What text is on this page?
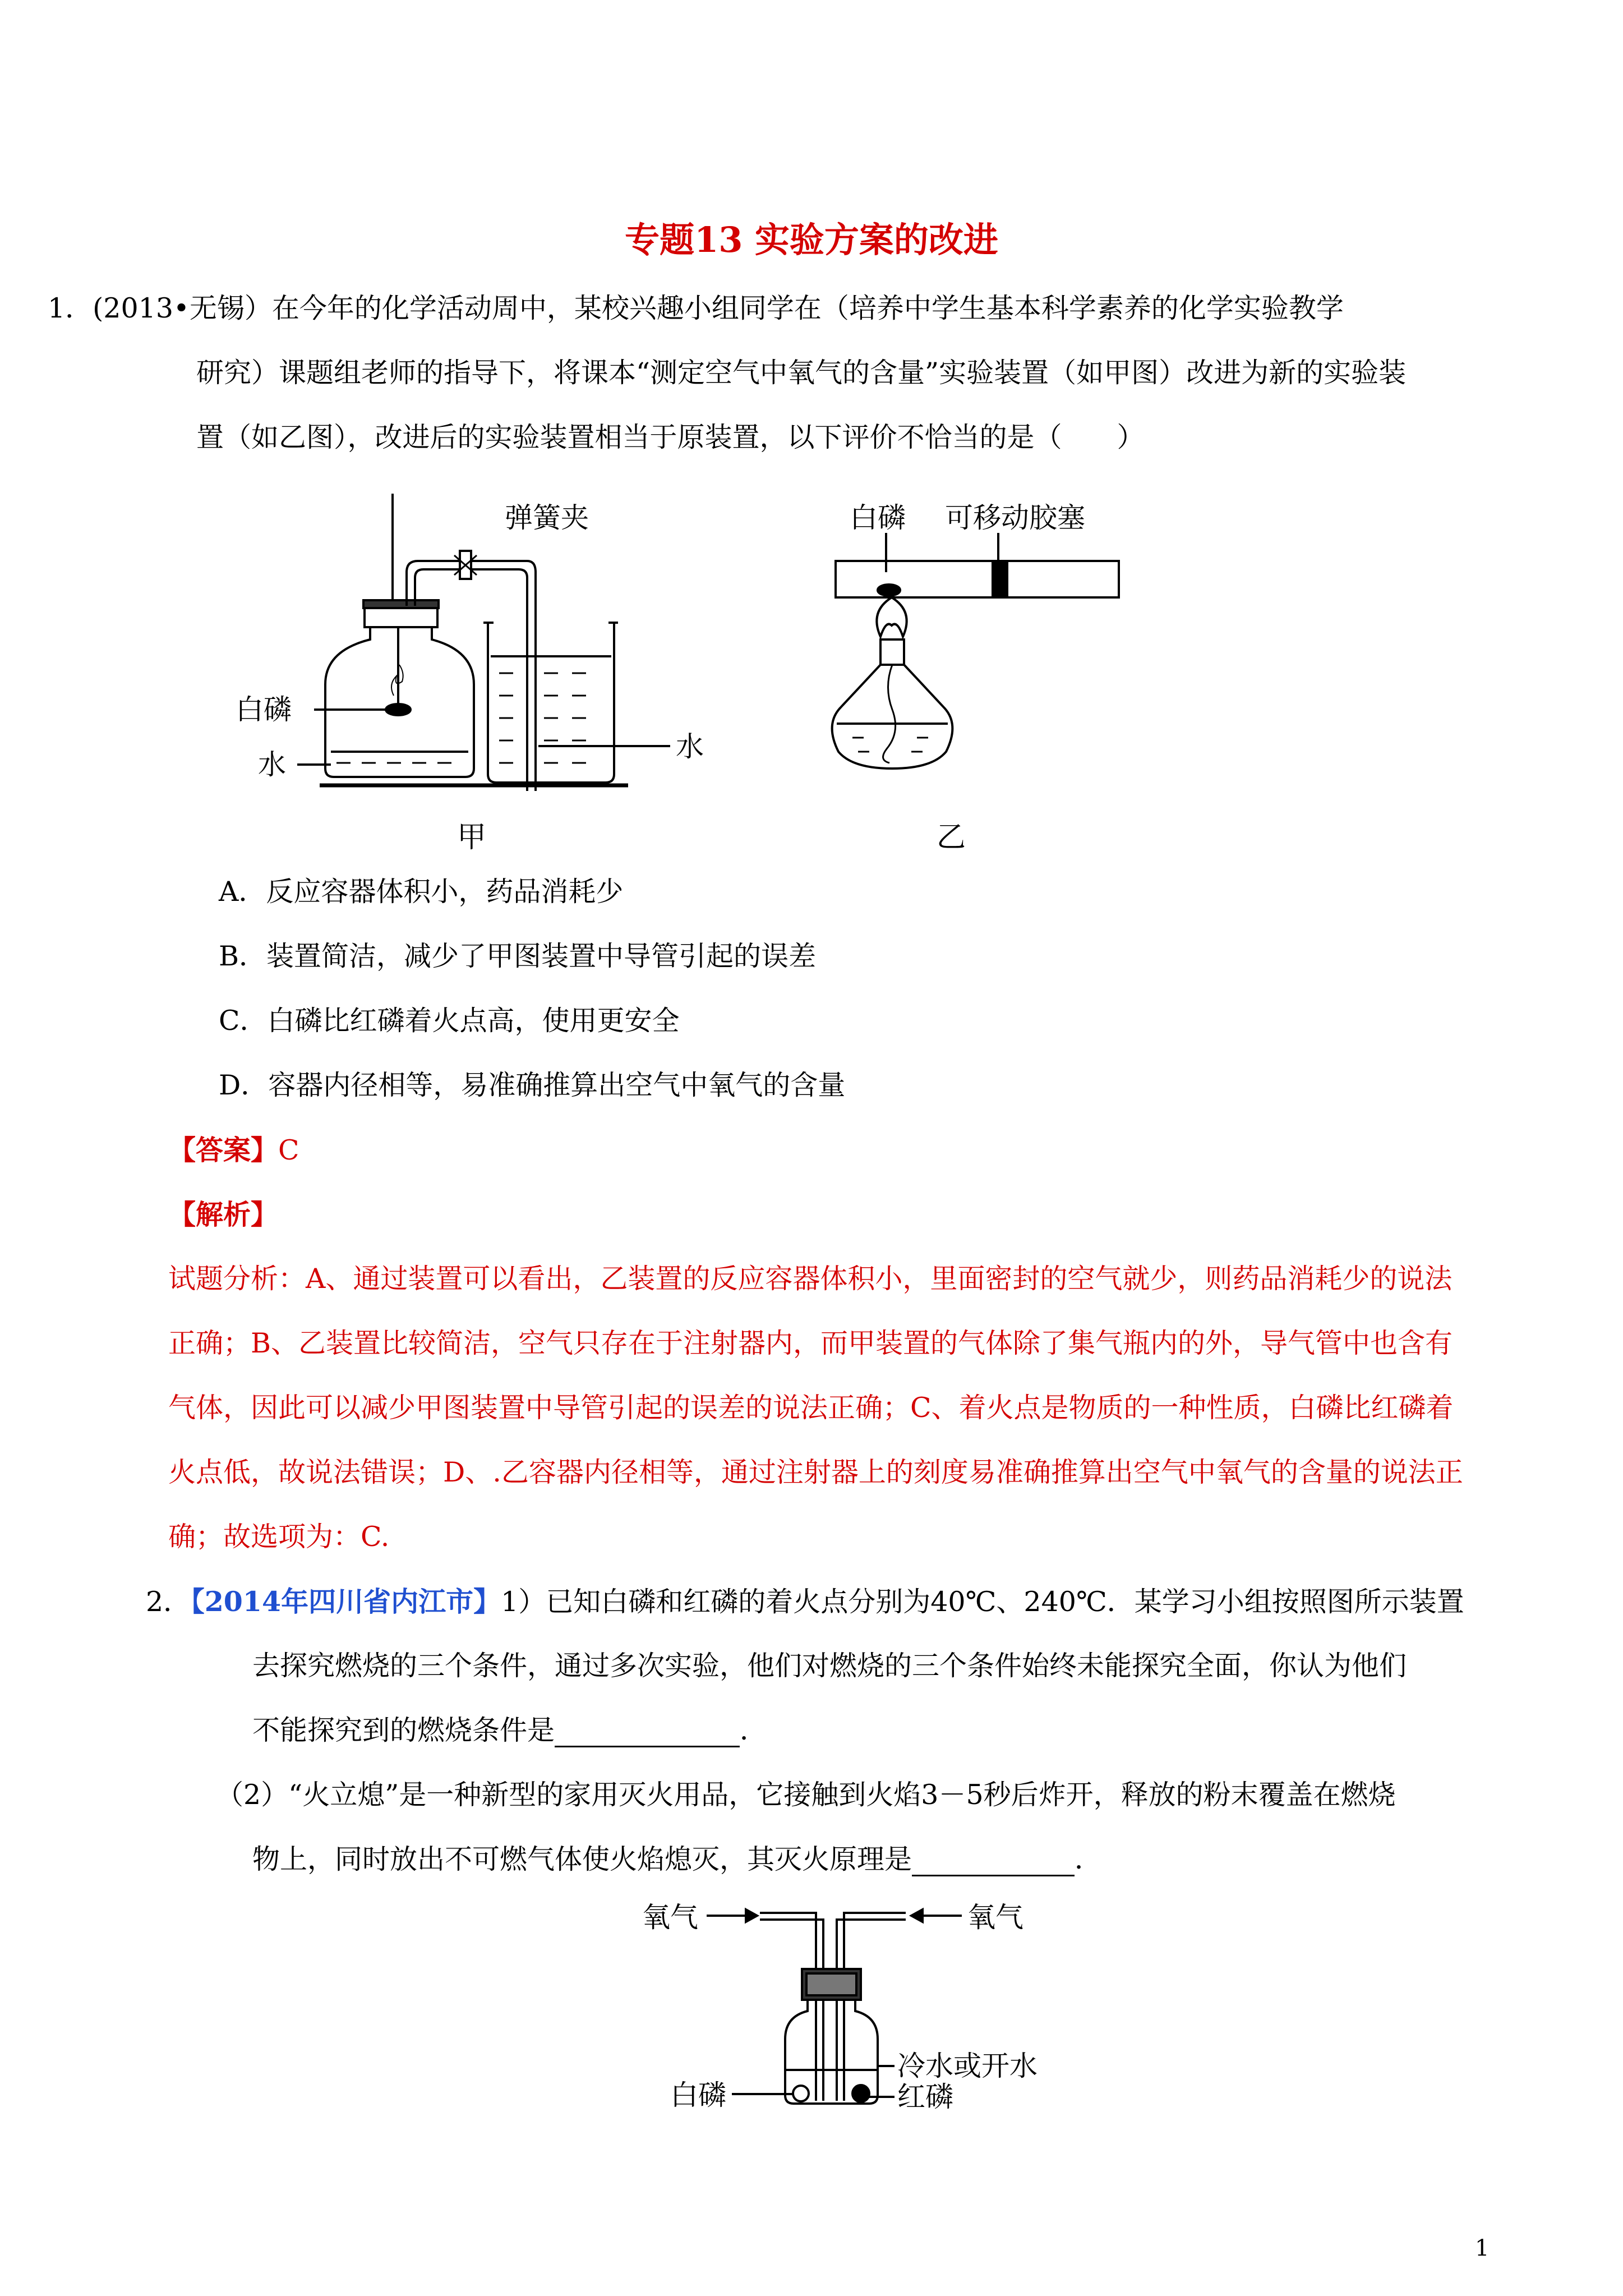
专题13 实验方案的改进
1．(2013•无锡）在今年的化学活动周中，某校兴趣小组同学在（培养中学生基本科学素养的化学实验教学
研究）课题组老师的指导下，将课本“测定空气中氧气的含量”实验装置（如甲图）改进为新的实验装
置（如乙图），改进后的实验装置相当于原装置，以下评价不恰当的是（　　）
弹簧夹
白磷
水
水
甲
白磷 可移动胶塞
乙
A．反应容器体积小，药品消耗少
B．装置简洁，减少了甲图装置中导管引起的误差
C．白磷比红磷着火点高，使用更安全
D．容器内径相等，易准确推算出空气中氧气的含量
【答案】C
【解析】
试题分析：A、通过装置可以看出，乙装置的反应容器体积小，里面密封的空气就少，则药品消耗少的说法
正确；B、乙装置比较简洁，空气只存在于注射器内，而甲装置的气体除了集气瓶内的外，导气管中也含有
气体，因此可以减少甲图装置中导管引起的误差的说法正确；C、着火点是物质的一种性质，白磷比红磷着
火点低，故说法错误；D、.乙容器内径相等，通过注射器上的刻度易准确推算出空气中氧气的含量的说法正
确；故选项为：C.
2．【2014年四川省内江市】1）已知白磷和红磷的着火点分别为40℃、240℃．某学习小组按照图所示装置
去探究燃烧的三个条件，通过多次实验，他们对燃烧的三个条件始终未能探究全面，你认为他们
不能探究到的燃烧条件是	．
（2）“火立熄”是一种新型的家用灭火用品，它接触到火焰3－5秒后炸开，释放的粉末覆盖在燃烧
物上，同时放出不可燃气体使火焰熄灭，其灭火原理是	．
氧气	氧气
冷水或开水
白磷	红磷
1
